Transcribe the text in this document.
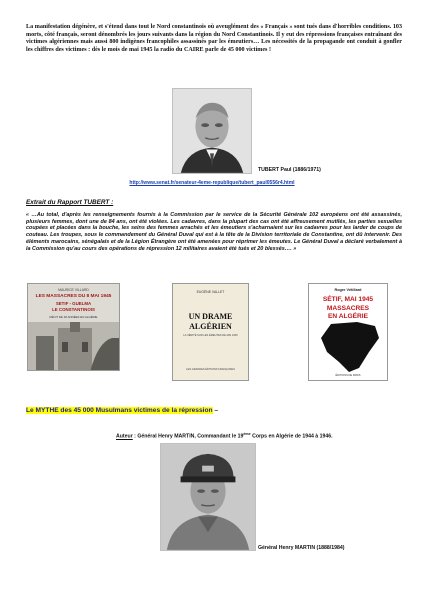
La manifestation dégénère, et s'étend dans tout le Nord constantinois où aveuglément des « Français » sont tués dans d'horribles conditions. 103 morts, côté français, seront dénombrés les jours suivants dans la région du Nord Constantinois. Il y eut des répressions françaises entraînant des victimes algériennes mais aussi 800 indigènes francophiles assassinés par les émeutiers… Les nécessités de la propagande ont conduit à gonfler les chiffres des victimes : dès le mois de mai 1945 la radio du CAIRE parle de 45 000 victimes !
TUBERT Paul (1886/1971)
http://www.senat.fr/senateur-4eme-republique/tubert_paul0556r4.html
Extrait du Rapport TUBERT :
« …Au total, d'après les renseignements fournis à la Commission par le service de la Sécurité Générale 102 européens ont été assassinés, plusieurs femmes, dont une de 84 ans, ont été violées. Les cadavres, dans la plupart des cas ont été affreusement mutilés, les parties sexuelles coupées et placées dans la bouche, les seins des femmes arrachés et les émeutiers s'acharnaient sur les cadavres pour les larder de coups de couteau. Les troupes, sous le commandement du Général Duval qui est à la tête de la Division territoriale de Constantine, ont dû intervenir. Des éléments marocains, sénégalais et de la Légion Étrangère ont été amenées pour réprimer les émeutes. Le Général Duval a déclaré verbalement à la Commission qu'au cours des opérations de répression 12 militaires avaient été tués et 20 blessés…. »
MAURICE VILLARD
LES MASSACRES DU 8 MAI 1945
SETIF - GUELMA
LE CONSTANTINOIS
RÉCIT DE 30 ANNÉES EN ALGÉRIE
EUGÈNE VALLET
UN DRAME
ALGÉRIEN
LA VÉRITÉ SUR LES ÉMEUTES DE MAI 1945
LES GRANDES ÉDITIONS FRANÇAISES
Roger Vétillard
SÉTIF, MAI 1945
MASSACRES
EN ALGÉRIE
ÉDITIONS DE PARIS
Le MYTHE des 45 000 Musulmans victimes de la répression –
Auteur : Général Henry MARTIN, Commandant le 19ème Corps en Algérie de 1944 à 1946.
Général Henry MARTIN (1888/1984)
